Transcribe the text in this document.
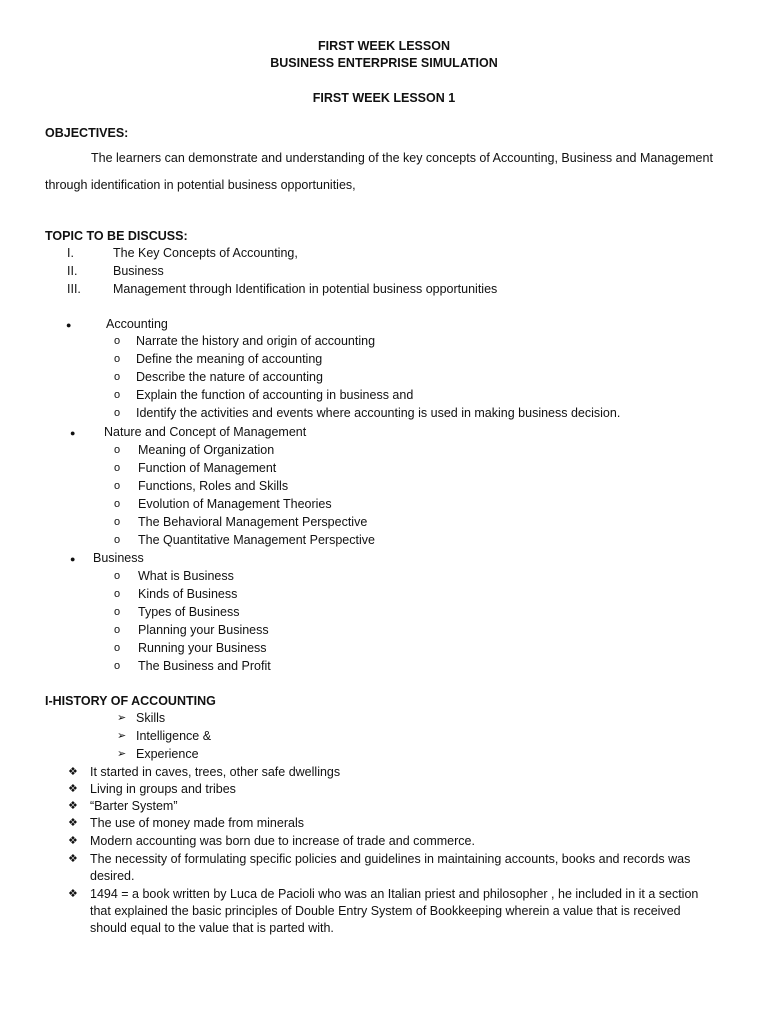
FIRST WEEK LESSON
BUSINESS ENTERPRISE SIMULATION
FIRST WEEK LESSON 1
OBJECTIVES:
The learners can demonstrate and understanding of the key concepts of Accounting, Business and Management
through identification in potential business opportunities,
TOPIC TO BE DISCUSS:
I.	The Key Concepts of Accounting,
II.	Business
III.	Management through Identification in potential business opportunities
●	Accounting
o Narrate the history and origin of accounting
o Define the meaning of accounting
o Describe the nature of accounting
o Explain the function of accounting in business and
o Identify the activities and events where accounting is used in making business decision.
● Nature and Concept of Management
o Meaning of Organization
o Function of Management
o Functions, Roles and Skills
o Evolution of Management Theories
o The Behavioral Management Perspective
o The Quantitative Management Perspective
● Business
o What is Business
o Kinds of Business
o Types of Business
o Planning your Business
o Running your Business
o The Business and Profit
I-HISTORY OF ACCOUNTING
➢ Skills
➢ Intelligence &
➢ Experience
❖ It started in caves, trees, other safe dwellings
❖ Living in groups and tribes
❖ “Barter System”
❖ The use of money made from minerals
❖ Modern accounting was born due to increase of trade and commerce.
❖ The necessity of formulating specific policies and guidelines in maintaining accounts, books and records was
desired.
❖ 1494 = a book written by Luca de Pacioli who was an Italian priest and philosopher , he included in it a section
that explained the basic principles of Double Entry System of Bookkeeping wherein a value that is received
should equal to the value that is parted with.
